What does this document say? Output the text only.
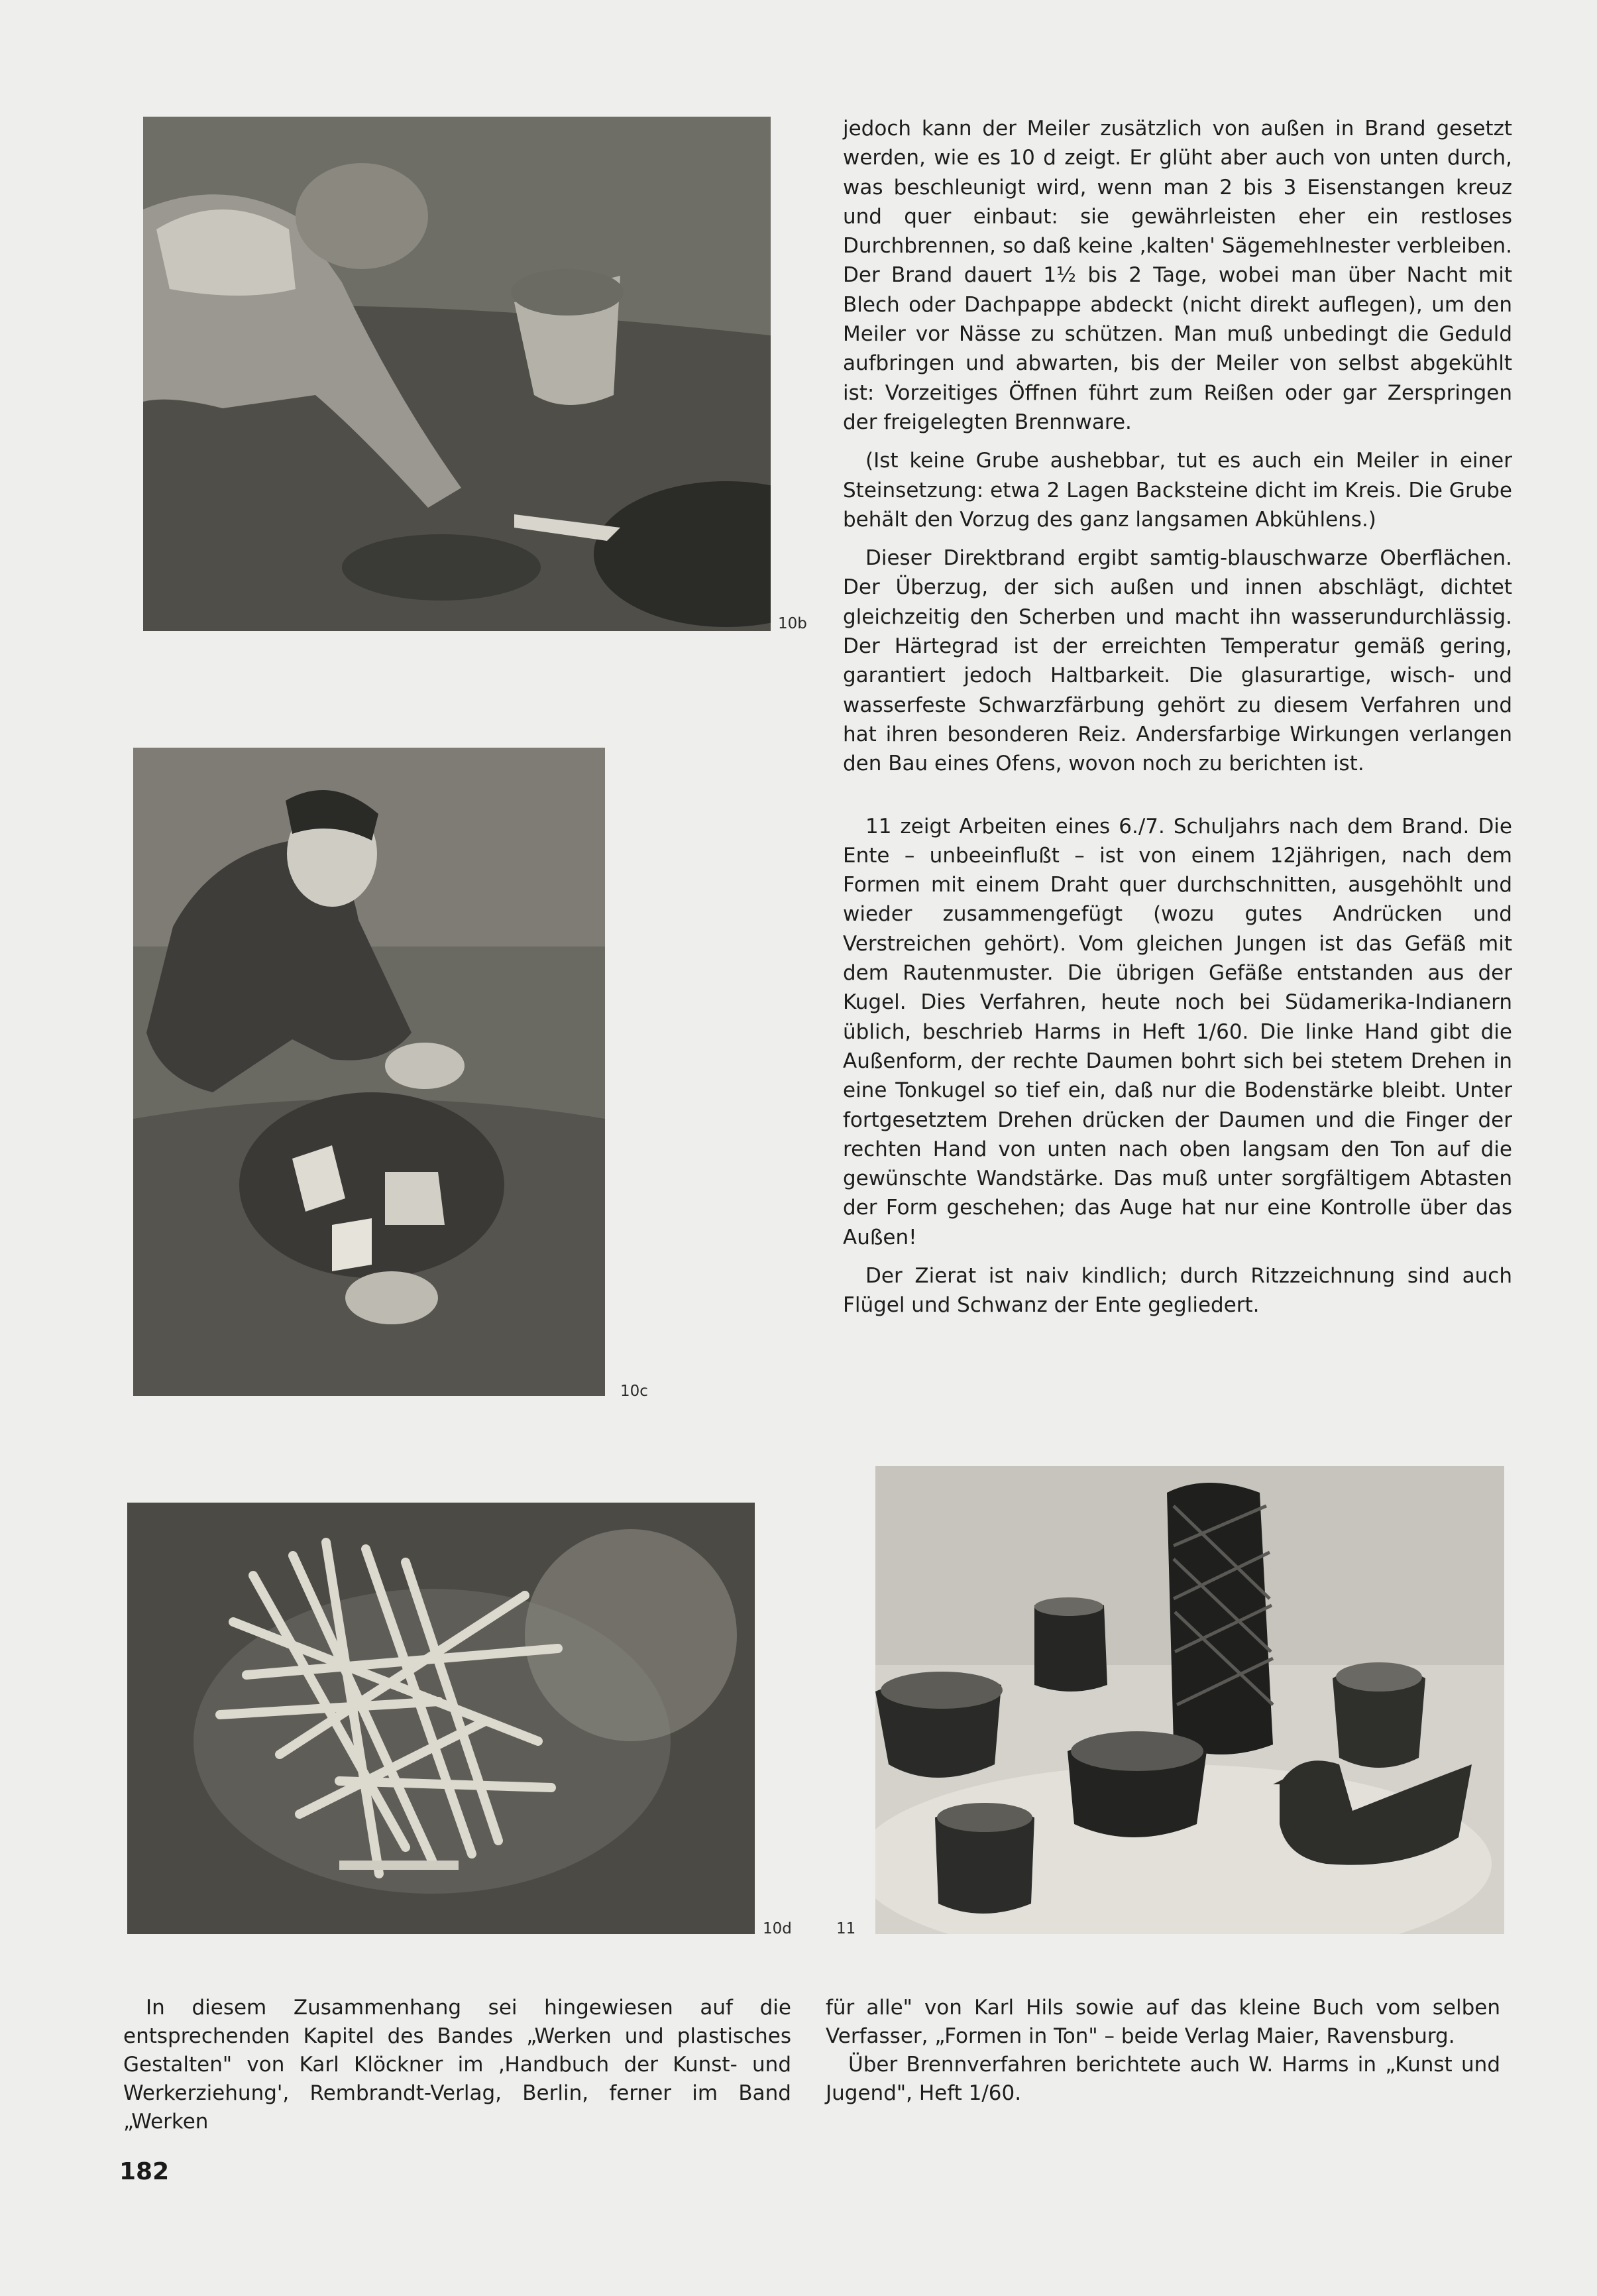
10b
10c
10d	11

jedoch kann der Meiler zusätzlich von außen in Brand gesetzt werden, wie es 10 d zeigt. Er glüht aber auch von unten durch, was beschleunigt wird, wenn man 2 bis 3 Eisenstangen kreuz und quer einbaut: sie gewährleisten eher ein restloses Durchbrennen, so daß keine ‚kalten' Sägemehlnester verbleiben. Der Brand dauert 1½ bis 2 Tage, wobei man über Nacht mit Blech oder Dachpappe abdeckt (nicht direkt auflegen), um den Meiler vor Nässe zu schützen. Man muß unbedingt die Geduld aufbringen und abwarten, bis der Meiler von selbst abgekühlt ist: Vorzeitiges Öffnen führt zum Reißen oder gar Zerspringen der freigelegten Brennware.

(Ist keine Grube aushebbar, tut es auch ein Meiler in einer Steinsetzung: etwa 2 Lagen Backsteine dicht im Kreis. Die Grube behält den Vorzug des ganz langsamen Abkühlens.)

Dieser Direktbrand ergibt samtig-blauschwarze Oberflächen. Der Überzug, der sich außen und innen abschlägt, dichtet gleichzeitig den Scherben und macht ihn wasserundurchlässig. Der Härtegrad ist der erreichten Temperatur gemäß gering, garantiert jedoch Haltbarkeit. Die glasurartige, wisch- und wasserfeste Schwarzfärbung gehört zu diesem Verfahren und hat ihren besonderen Reiz. Andersfarbige Wirkungen verlangen den Bau eines Ofens, wovon noch zu berichten ist.

11 zeigt Arbeiten eines 6./7. Schuljahrs nach dem Brand. Die Ente – unbeeinflußt – ist von einem 12jährigen, nach dem Formen mit einem Draht quer durchschnitten, ausgehöhlt und wieder zusammengefügt (wozu gutes Andrücken und Verstreichen gehört). Vom gleichen Jungen ist das Gefäß mit dem Rautenmuster. Die übrigen Gefäße entstanden aus der Kugel. Dies Verfahren, heute noch bei Südamerika-Indianern üblich, beschrieb Harms in Heft 1/60. Die linke Hand gibt die Außenform, der rechte Daumen bohrt sich bei stetem Drehen in eine Tonkugel so tief ein, daß nur die Bodenstärke bleibt. Unter fortgesetztem Drehen drücken der Daumen und die Finger der rechten Hand von unten nach oben langsam den Ton auf die gewünschte Wandstärke. Das muß unter sorgfältigem Abtasten der Form geschehen; das Auge hat nur eine Kontrolle über das Außen!

Der Zierat ist naiv kindlich; durch Ritzzeichnung sind auch Flügel und Schwanz der Ente gegliedert.

In diesem Zusammenhang sei hingewiesen auf die entsprechenden Kapitel des Bandes „Werken und plastisches Gestalten" von Karl Klöckner im ‚Handbuch der Kunst- und Werkerziehung', Rembrandt-Verlag, Berlin, ferner im Band „Werken

für alle" von Karl Hils sowie auf das kleine Buch vom selben Verfasser, „Formen in Ton" – beide Verlag Maier, Ravensburg.

Über Brennverfahren berichtete auch W. Harms in „Kunst und Jugend", Heft 1/60.

182
